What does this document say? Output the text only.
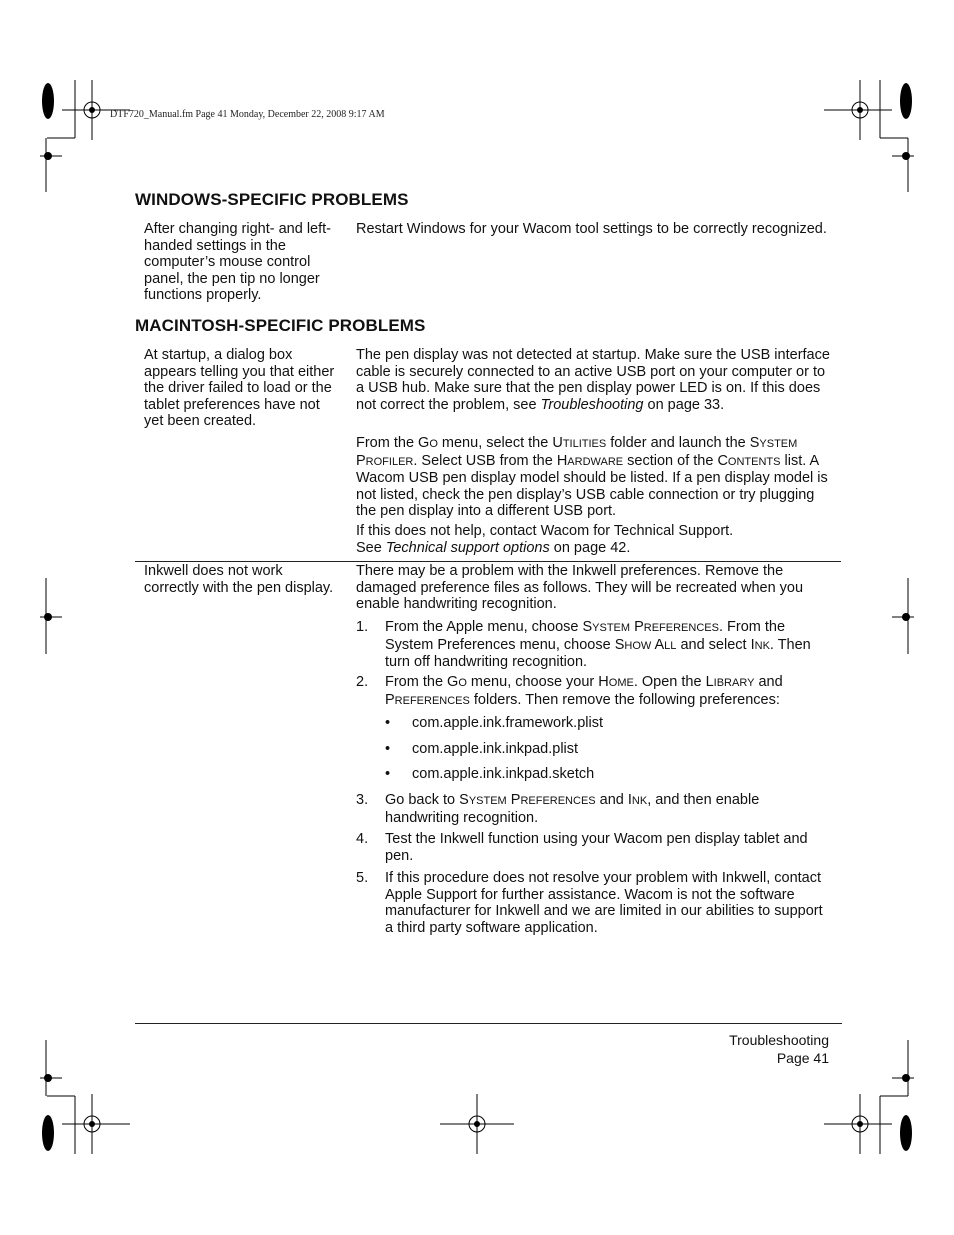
DTF720_Manual.fm Page 41 Monday, December 22, 2008 9:17 AM
WINDOWS-SPECIFIC PROBLEMS
After changing right- and left-handed settings in the computer’s mouse control panel, the pen tip no longer functions properly.
Restart Windows for your Wacom tool settings to be correctly recognized.
MACINTOSH-SPECIFIC PROBLEMS
At startup, a dialog box appears telling you that either the driver failed to load or the tablet preferences have not yet been created.
The pen display was not detected at startup. Make sure the USB interface cable is securely connected to an active USB port on your computer or to a USB hub. Make sure that the pen display power LED is on. If this does not correct the problem, see Troubleshooting on page 33.
From the GO menu, select the UTILITIES folder and launch the SYSTEM PROFILER. Select USB from the HARDWARE section of the CONTENTS list. A Wacom USB pen display model should be listed. If a pen display model is not listed, check the pen display’s USB cable connection or try plugging the pen display into a different USB port.
If this does not help, contact Wacom for Technical Support.
See Technical support options on page 42.
Inkwell does not work correctly with the pen display.
There may be a problem with the Inkwell preferences. Remove the damaged preference files as follows. They will be recreated when you enable handwriting recognition.
1. From the Apple menu, choose SYSTEM PREFERENCES. From the System Preferences menu, choose SHOW ALL and select INK. Then turn off handwriting recognition.
2. From the GO menu, choose your HOME. Open the LIBRARY and PREFERENCES folders. Then remove the following preferences:
• com.apple.ink.framework.plist
• com.apple.ink.inkpad.plist
• com.apple.ink.inkpad.sketch
3. Go back to SYSTEM PREFERENCES and INK, and then enable handwriting recognition.
4. Test the Inkwell function using your Wacom pen display tablet and pen.
5. If this procedure does not resolve your problem with Inkwell, contact Apple Support for further assistance. Wacom is not the software manufacturer for Inkwell and we are limited in our abilities to support a third party software application.
Troubleshooting
Page 41
